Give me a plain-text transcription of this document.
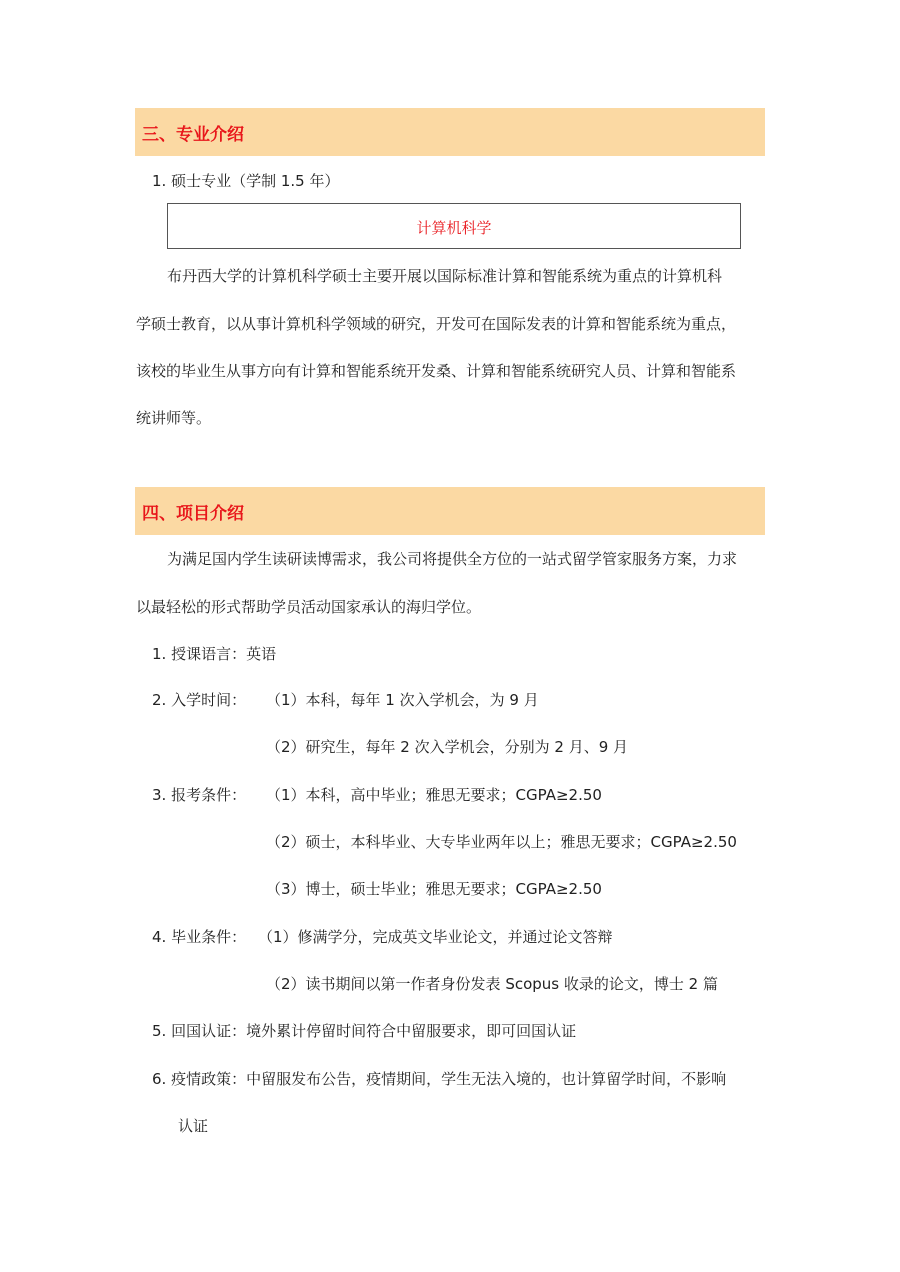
三、专业介绍
1. 硕士专业（学制 1.5 年）
计算机科学
布丹西大学的计算机科学硕士主要开展以国际标准计算和智能系统为重点的计算机科
学硕士教育，以从事计算机科学领域的研究，开发可在国际发表的计算和智能系统为重点，
该校的毕业生从事方向有计算和智能系统开发桑、计算和智能系统研究人员、计算和智能系
统讲师等。
四、项目介绍
为满足国内学生读研读博需求，我公司将提供全方位的一站式留学管家服务方案，力求
以最轻松的形式帮助学员活动国家承认的海归学位。
1. 授课语言：英语
2. 入学时间： （1）本科，每年 1 次入学机会，为 9 月
（2）研究生，每年 2 次入学机会，分别为 2 月、9 月
3. 报考条件： （1）本科，高中毕业；雅思无要求；CGPA≥2.50
（2）硕士，本科毕业、大专毕业两年以上；雅思无要求；CGPA≥2.50
（3）博士，硕士毕业；雅思无要求；CGPA≥2.50
4. 毕业条件： （1）修满学分，完成英文毕业论文，并通过论文答辩
（2）读书期间以第一作者身份发表 Scopus 收录的论文，博士 2 篇
5. 回国认证：境外累计停留时间符合中留服要求，即可回国认证
6. 疫情政策：中留服发布公告，疫情期间，学生无法入境的，也计算留学时间，不影响
认证
